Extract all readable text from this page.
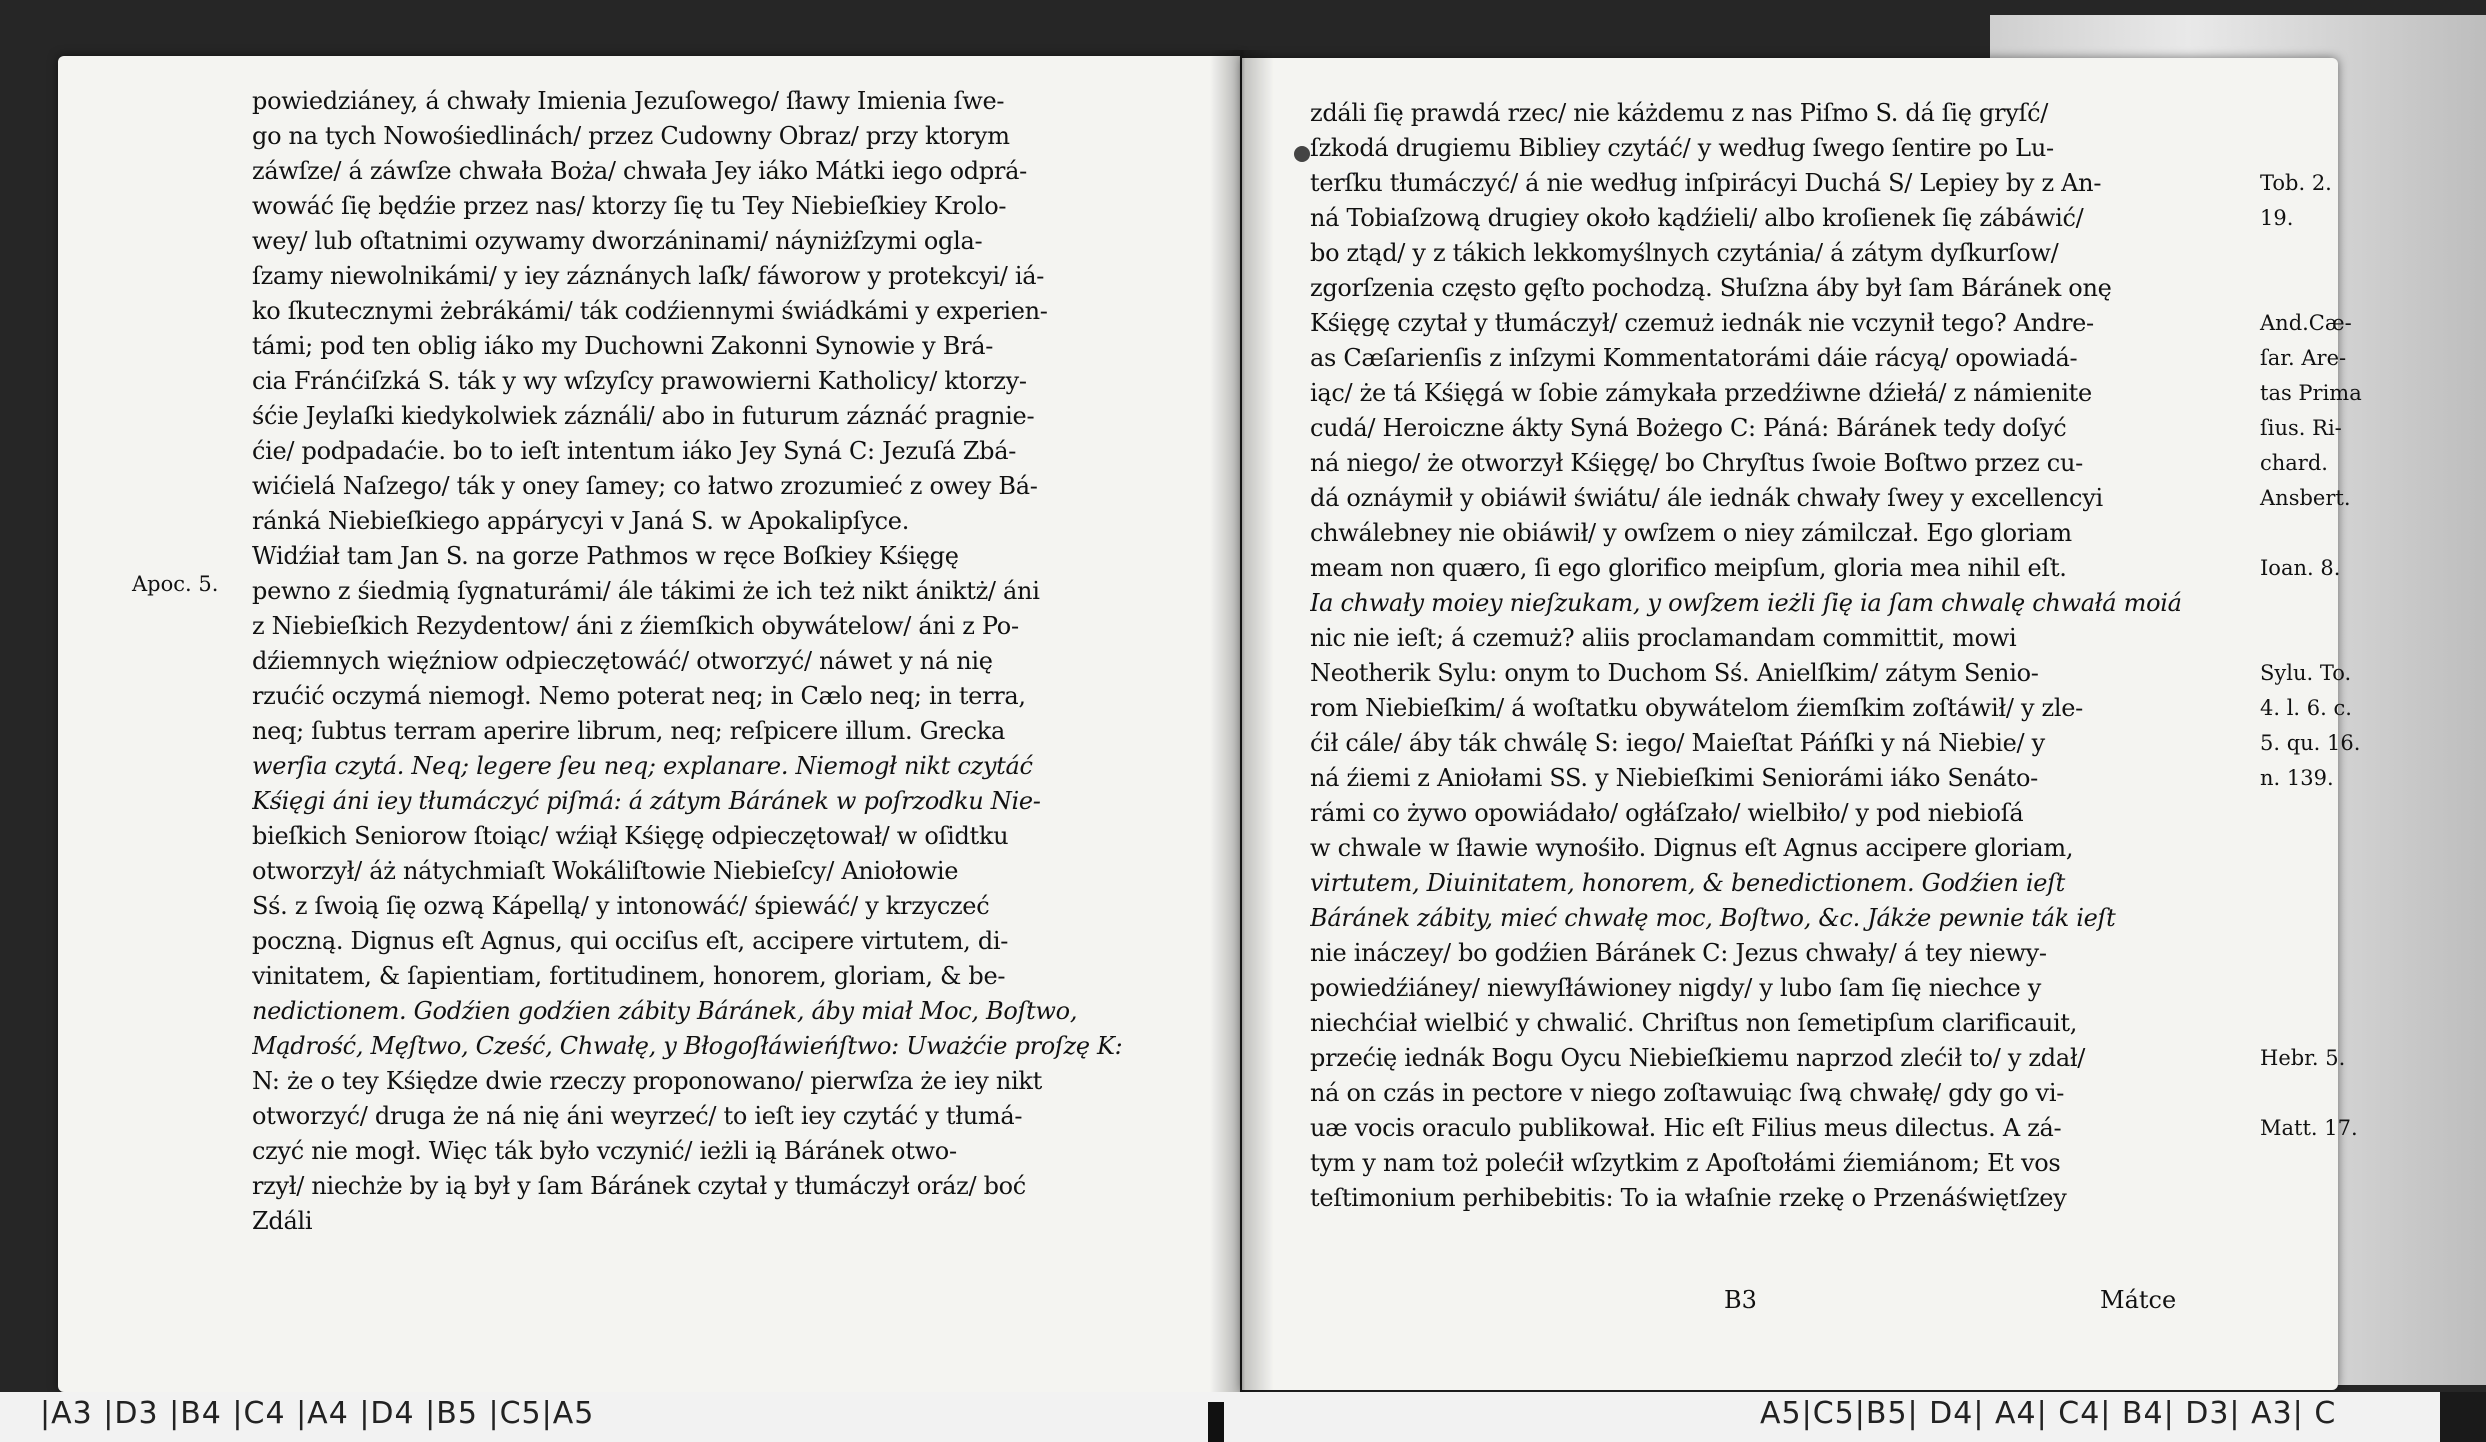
powiedziáney, á chwały Imienia Jezuſowego/ ſławy Imienia ſwe-
go na tych Nowośiedlinách/ przez Cudowny Obraz/ przy ktorym
záwſze/ á záwſze chwała Boża/ chwała Jey iáko Mátki iego odprá-
wowáć ſię będźie przez nas/ ktorzy ſię tu Tey Niebieſkiey Krolo-
wey/ lub oſtatnimi ozywamy dworzáninami/ náyniżſzymi ogla-
ſzamy niewolnikámi/ y iey záznánych laſk/ fáworow y protekcyi/ iá-
ko ſkutecznymi żebrákámi/ ták codźiennymi świádkámi y experien-
támi; pod ten oblig iáko my Duchowni Zakonni Synowie y Brá-
cia Fránćiſzká S. ták y wy wſzyſcy prawowierni Katholicy/ ktorzy-
śćie Jeylaſki kiedykolwiek záználi/ abo in futurum záznáć pragnie-
ćie/ podpadaćie. bo to ieſt intentum iáko Jey Syná C: Jezuſá Zbá-
wićielá Naſzego/ ták y oney ſamey; co łatwo zrozumieć z owey Bá-
ránká Niebieſkiego appárycyi v Janá S. w Apokalipſyce.
Widźiał tam Jan S. na gorze Pathmos w ręce Boſkiey Kśięgę
pewno z śiedmią ſygnaturámi/ ále tákimi że ich też nikt ániktż/ áni
z Niebieſkich Rezydentow/ áni z źiemſkich obywátelow/ áni z Po-
dźiemnych więźniow odpieczętowáć/ otworzyć/ náwet y ná nię
rzućić oczymá niemogł. Nemo poterat neq; in Cælo neq; in terra,
neq; ſubtus terram aperire librum, neq; reſpicere illum. Grecka
werſia czytá. Neq; legere ſeu neq; explanare. Niemogł nikt czytáć
Kśięgi áni iey tłumáczyć piſmá: á zátym Báránek w poſrzodku Nie-
bieſkich Seniorow ſtoiąc/ wźiął Kśięgę odpieczętował/ w oſidtku
otworzył/ áż nátychmiaſt Wokáliſtowie Niebieſcy/ Aniołowie
Sś. z ſwoią ſię ozwą Kápellą/ y intonowáć/ śpiewáć/ y krzyczeć
poczną. Dignus eſt Agnus, qui occiſus eſt, accipere virtutem, di-
vinitatem, & ſapientiam, fortitudinem, honorem, gloriam, & be-
nedictionem. Godźien godźien zábity Báránek, áby miał Moc, Boſtwo,
Mądrość, Męſtwo, Cześć, Chwałę, y Błogoſłáwieńſtwo: Uważćie proſzę K:
N: że o tey Kśiędze dwie rzeczy proponowano/ pierwſza że iey nikt
otworzyć/ druga że ná nię áni weyrzeć/ to ieſt iey czytáć y tłumá-
czyć nie mogł. Więc ták było vczynić/ ieżli ią Báránek otwo-
rzył/ niechże by ią był y ſam Báránek czytał y tłumáczył oráz/ boć
Zdáli
Apoc. 5.
zdáli ſię prawdá rzec/ nie káżdemu z nas Piſmo S. dá ſię gryſć/
ſzkodá drugiemu Bibliey czytáć/ y według ſwego ſentire po Lu-
terſku tłumáczyć/ á nie według inſpirácyi Duchá S/ Lepiey by z An-
ná Tobiaſzową drugiey około kądźieli/ albo kroſienek ſię zábáwić/
bo ztąd/ y z tákich lekkomyślnych czytánia/ á zátym dyſkurſow/
zgorſzenia często gęſto pochodzą. Słuſzna áby był ſam Báránek onę
Kśięgę czytał y tłumáczył/ czemuż iednák nie vczynił tego? Andre-
as Cæſarienſis z inſzymi Kommentatorámi dáie rácyą/ opowiadá-
iąc/ że tá Kśięgá w ſobie zámykała przedźiwne dźiełá/ z námienite
cudá/ Heroiczne ákty Syná Bożego C: Páná: Báránek tedy doſyć
ná niego/ że otworzył Kśięgę/ bo Chryſtus ſwoie Boſtwo przez cu-
dá oznáymił y obiáwił świátu/ ále iednák chwały ſwey y excellencyi
chwálebney nie obiáwił/ y owſzem o niey zámilczał. Ego gloriam
meam non quæro, ſi ego glorifico meipſum, gloria mea nihil eſt.
Ia chwały moiey nieſzukam, y owſzem ieżli ſię ia ſam chwalę chwałá moiá
nic nie ieſt; á czemuż? aliis proclamandam committit, mowi
Neotherik Sylu: onym to Duchom Sś. Anielſkim/ zátym Senio-
rom Niebieſkim/ á woſtatku obywátelom źiemſkim zoſtáwił/ y zle-
ćił cále/ áby ták chwálę S: iego/ Maieſtat Páńſki y ná Niebie/ y
ná źiemi z Aniołami SS. y Niebieſkimi Seniorámi iáko Senáto-
rámi co żywo opowiádało/ ogłáſzało/ wielbiło/ y pod niebioſá
w chwale w ſławie wynośiło. Dignus eſt Agnus accipere gloriam,
virtutem, Diuinitatem, honorem, & benedictionem. Godźien ieſt
Báránek zábity, mieć chwałę moc, Boſtwo, &c. Jákże pewnie ták ieſt
nie ináczey/ bo godźien Báránek C: Jezus chwały/ á tey niewy-
powiedźiáney/ niewyſłáwioney nigdy/ y lubo ſam ſię niechce y
niechćiał wielbić y chwalić. Chriſtus non ſemetipſum clarificauit,
przećię iednák Bogu Oycu Niebieſkiemu naprzod zlećił to/ y zdał/
ná on czás in pectore v niego zoſtawuiąc ſwą chwałę/ gdy go vi-
uæ vocis oraculo publikował. Hic eſt Filius meus dilectus. A zá-
tym y nam toż polećił wſzytkim z Apoſtołámi źiemiánom; Et vos
teſtimonium perhibebitis: To ia właſnie rzekę o Przenáświętſzey
Tob. 2.
19.
And.Cæ-
ſar. Are-
tas Prima
ſius. Ri-
chard.
Ansbert.
Ioan. 8.
Sylu. To.
4. l. 6. c.
5. qu. 16.
n. 139.
Hebr. 5.
Matt. 17.
B3	Mátce
|A3 |D3 |B4 |C4 |A4 |D4 |B5 |C5|A5	A5|C5|B5| D4| A4| C4| B4| D3| A3| C
